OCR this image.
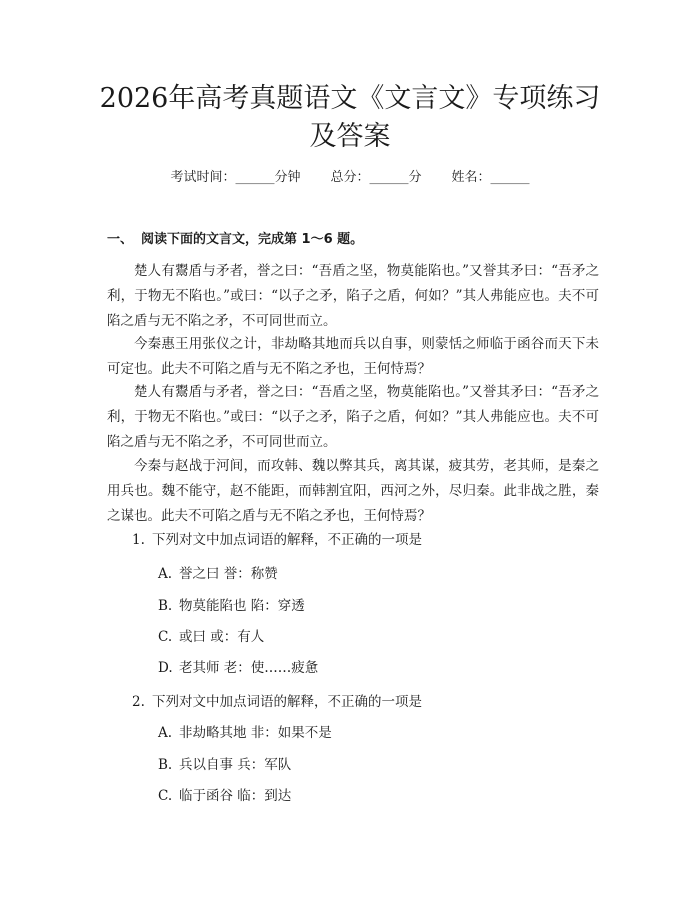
2026年高考真题语文《文言文》专项练习及答案
考试时间：______分钟 总分：______分 姓名：______
一、 阅读下面的文言文，完成第 1～6 题。

楚人有鬻盾与矛者，誉之曰：“吾盾之坚，物莫能陷也。”又誉其矛曰：“吾矛之利，于物无不陷也。”或曰：“以子之矛，陷子之盾，何如？”其人弗能应也。夫不可陷之盾与无不陷之矛，不可同世而立。

今秦惠王用张仪之计，非劫略其地而兵以自事，则蒙恬之师临于函谷而天下未可定也。此夫不可陷之盾与无不陷之矛也，王何恃焉？

楚人有鬻盾与矛者，誉之曰：“吾盾之坚，物莫能陷也。”又誉其矛曰：“吾矛之利，于物无不陷也。”或曰：“以子之矛，陷子之盾，何如？”其人弗能应也。夫不可陷之盾与无不陷之矛，不可同世而立。

今秦与赵战于河间，而攻韩、魏以弊其兵，离其谋，疲其劳，老其师，是秦之用兵也。魏不能守，赵不能距，而韩割宜阳，西河之外，尽归秦。此非战之胜，秦之谋也。此夫不可陷之盾与无不陷之矛也，王何恃焉？

1. 下列对文中加点词语的解释，不正确的一项是
A. 誉之曰 誉：称赞
B. 物莫能陷也 陷：穿透
C. 或曰 或：有人
D. 老其师 老：使……疲惫
2. 下列对文中加点词语的解释，不正确的一项是
A. 非劫略其地 非：如果不是
B. 兵以自事 兵：军队
C. 临于函谷 临：到达
